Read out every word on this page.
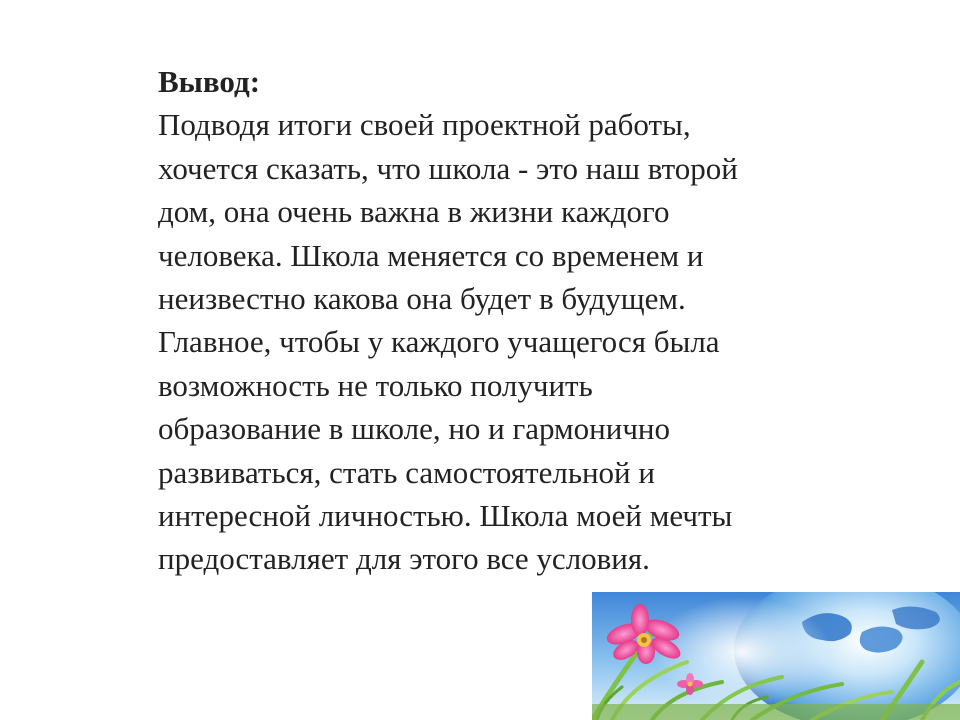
Вывод:

Подводя итоги своей проектной работы,

хочется сказать, что школа - это наш второй

дом, она очень важна в жизни каждого

человека. Школа меняется со временем и

неизвестно какова она будет в будущем.

Главное, чтобы у каждого учащегося была

возможность не только получить

образование в школе, но и гармонично

развиваться, стать самостоятельной и

интересной личностью. Школа моей мечты

предоставляет для этого все условия.
